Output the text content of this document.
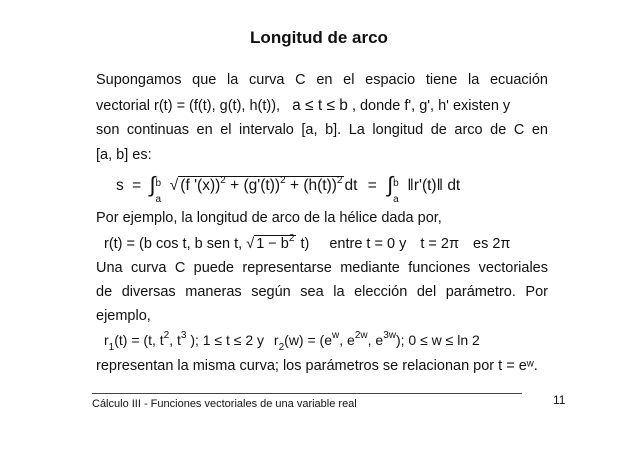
Longitud de arco
Supongamos que la curva C en el espacio tiene la ecuación
vectorial r(t) = (f(t), g(t), h(t)), a ≤ t ≤ b , donde f', g', h' existen y
son continuas en el intervalo [a, b]. La longitud de arco de C en
[a, b] es:
s = ∫ b
a
√ (f '$(x))^2 + (g'(t))^2 + (h(t))^2$ dt = ∫ b
a
‖r'(t)‖ dt
Por ejemplo, la longitud de arco de la hélice dada por,
r(t) = (b cos t, b sen t, √ $1 - b^2$ t) entre t = 0 y t = 2π es 2π
Una curva C puede representarse mediante funciones vectoriales
de diversas maneras según sea la elección del parámetro. Por
ejemplo,
$r_1(t) = (t$, $t^2$, $t^3$ ); 1 ≤ t ≤ 2 y $r_2(w) = (e^w$, $e^{2w}$, $e^{3w}$); 0 ≤ w ≤ ln 2
representan la misma curva; los parámetros se relacionan por t = eʷ.
Cálculo III - Funciones vectoriales de una variable real	11
